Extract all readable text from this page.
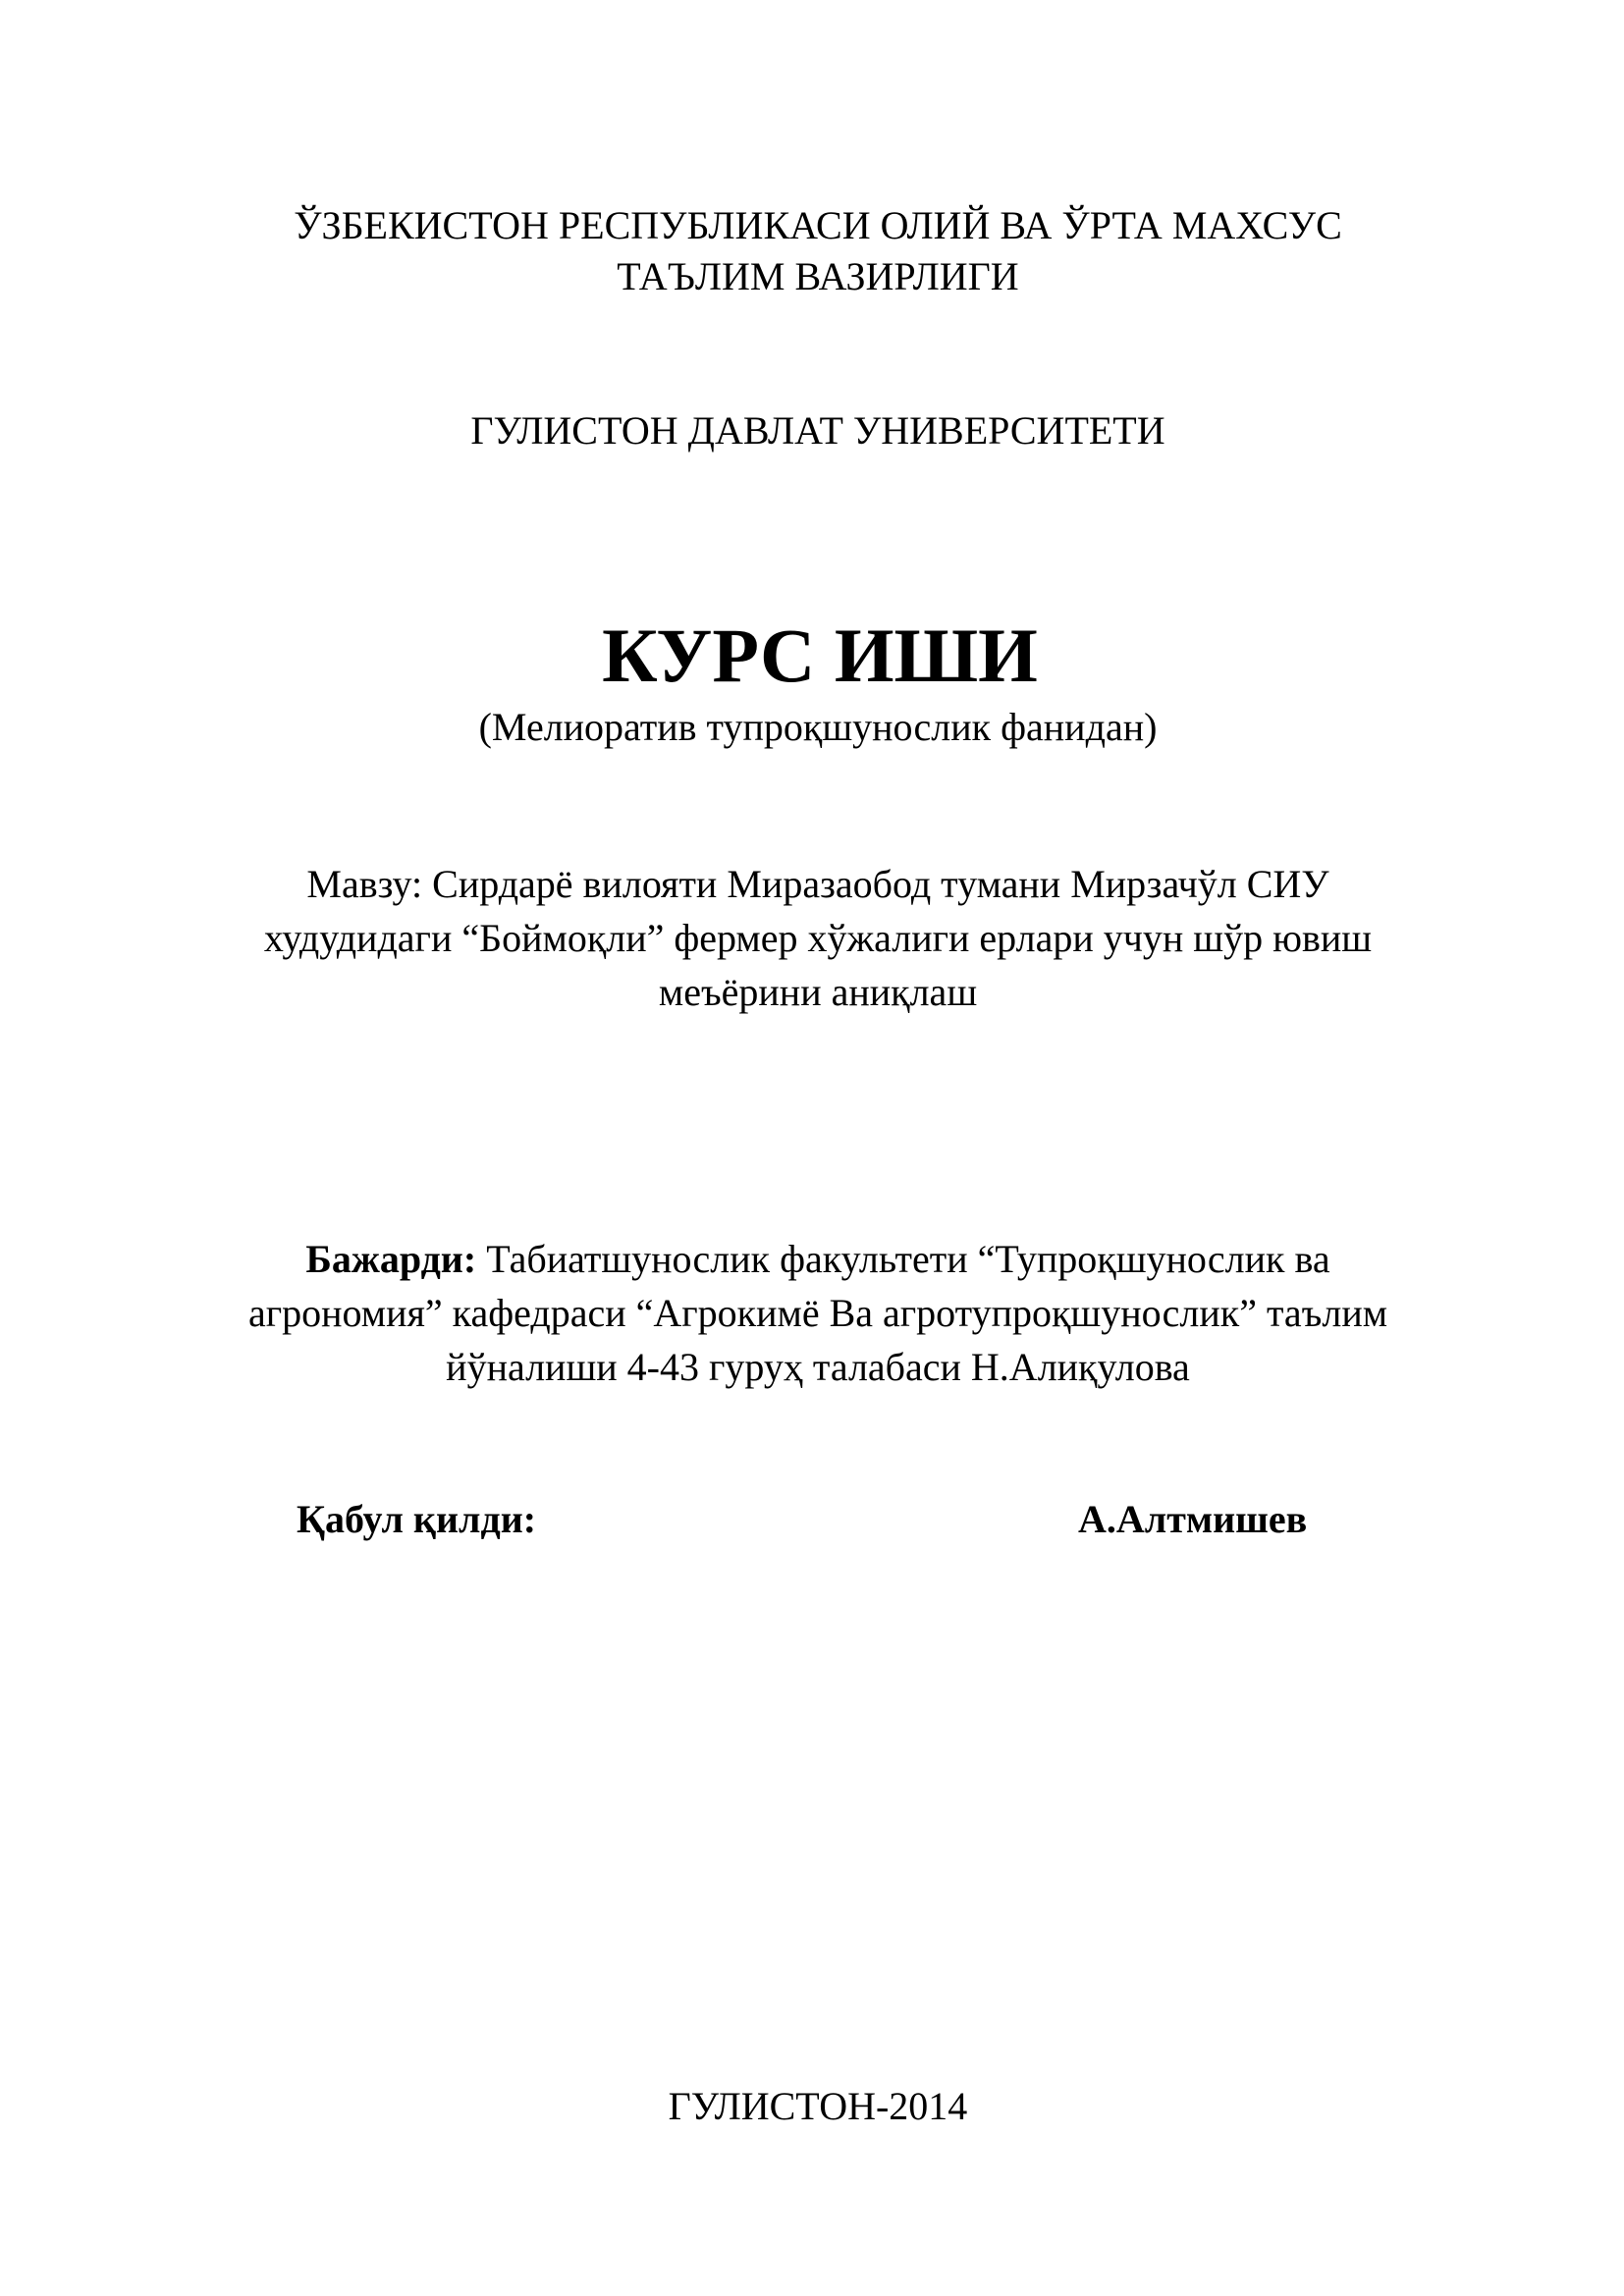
ЎЗБЕКИСТОН РЕСПУБЛИКАСИ ОЛИЙ ВА ЎРТА МАХСУС
ТАЪЛИМ ВАЗИРЛИГИ
ГУЛИСТОН ДАВЛАТ УНИВЕРСИТЕТИ
КУРС ИШИ
(Мелиоратив тупроқшунослик фанидан)
Мавзу: Сирдарё вилояти Миразаобод тумани Мирзачўл СИУ
худудидаги “Боймоқли” фермер хўжалиги ерлари учун шўр ювиш
меъёрини аниқлаш
Бажарди: Табиатшунослик факультети “Тупроқшунослик ва
агрономия” кафедраси “Агрокимё Ва агротупроқшунослик” таълим
йўналиши 4-43 гуруҳ талабаси Н.Алиқулова
Қабул қилди:	А.Алтмишев
ГУЛИСТОН-2014
